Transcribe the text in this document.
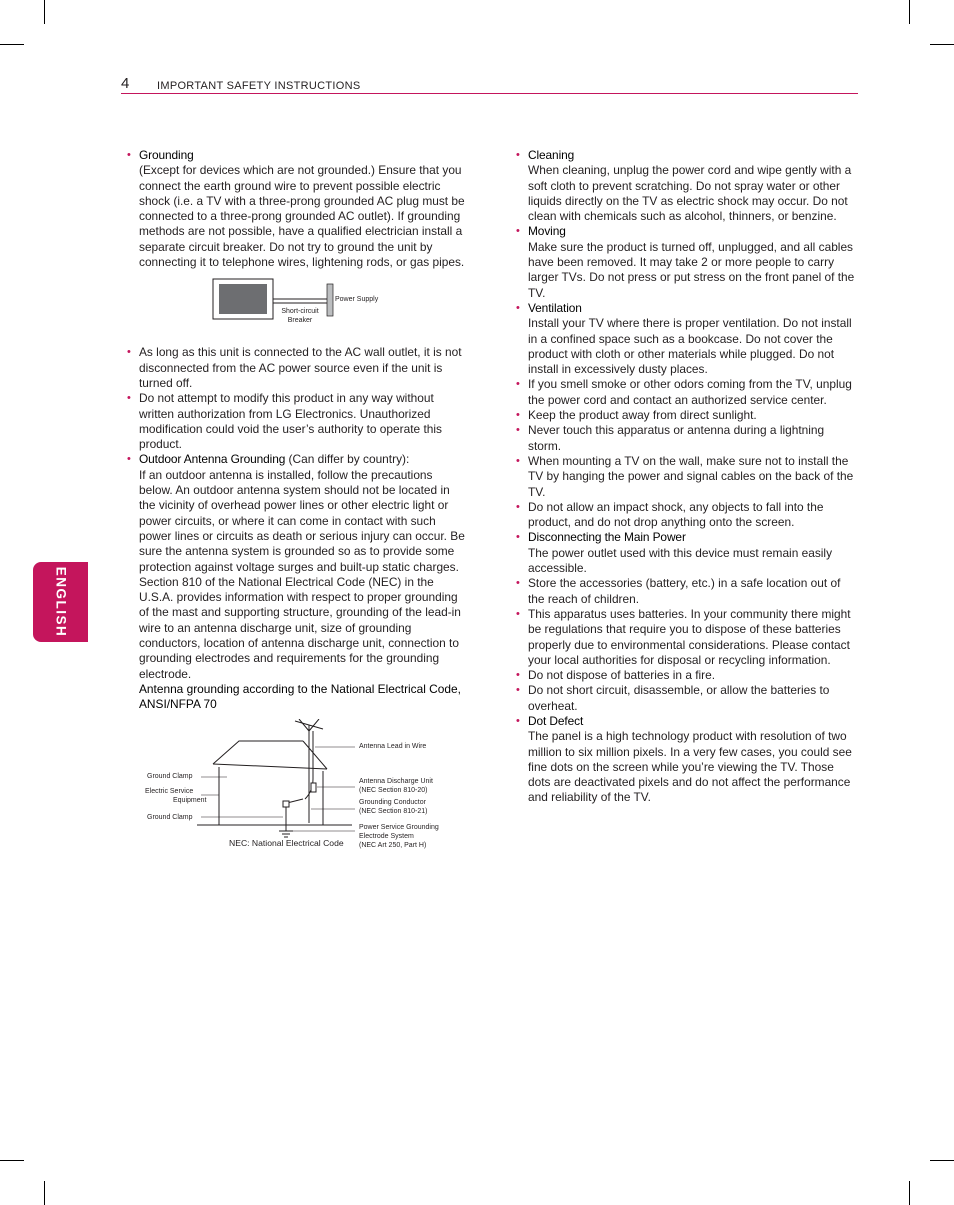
4	IMPORTANT SAFETY INSTRUCTIONS
ENGLISH
• Grounding
(Except for devices which are not grounded.) Ensure that you connect the earth ground wire to prevent possible electric shock (i.e. a TV with a three-prong grounded AC plug must be connected to a three-prong grounded AC outlet). If grounding methods are not possible, have a qualified electrician install a separate circuit breaker. Do not try to ground the unit by connecting it to telephone wires, lightening rods, or gas pipes.
Short-circuit Breaker
Power Supply
• As long as this unit is connected to the AC wall outlet, it is not disconnected from the AC power source even if the unit is turned off.
• Do not attempt to modify this product in any way without written authorization from LG Electronics. Unauthorized modification could void the user’s authority to operate this product.
• Outdoor Antenna Grounding (Can differ by country):
If an outdoor antenna is installed, follow the precautions below. An outdoor antenna system should not be located in the vicinity of overhead power lines or other electric light or power circuits, or where it can come in contact with such power lines or circuits as death or serious injury can occur. Be sure the antenna system is grounded so as to provide some protection against voltage surges and built-up static charges. Section 810 of the National Electrical Code (NEC) in the U.S.A. provides information with respect to proper grounding of the mast and supporting structure, grounding of the lead-in wire to an antenna discharge unit, size of grounding conductors, location of antenna discharge unit, connection to grounding electrodes and requirements for the grounding electrode.
Antenna grounding according to the National Electrical Code, ANSI/NFPA 70
Ground Clamp
Electric Service
Equipment
Ground Clamp
Antenna Lead in Wire
Antenna Discharge Unit
(NEC Section 810-20)
Grounding Conductor
(NEC Section 810-21)
Power Service Grounding
Electrode System
(NEC Art 250, Part H)
NEC: National Electrical Code
• Cleaning
When cleaning, unplug the power cord and wipe gently with a soft cloth to prevent scratching. Do not spray water or other liquids directly on the TV as electric shock may occur. Do not clean with chemicals such as alcohol, thinners, or benzine.
• Moving
Make sure the product is turned off, unplugged, and all cables have been removed. It may take 2 or more people to carry larger TVs. Do not press or put stress on the front panel of the TV.
• Ventilation
Install your TV where there is proper ventilation. Do not install in a confined space such as a bookcase. Do not cover the product with cloth or other materials while plugged. Do not install in excessively dusty places.
• If you smell smoke or other odors coming from the TV, unplug the power cord and contact an authorized service center.
• Keep the product away from direct sunlight.
• Never touch this apparatus or antenna during a lightning storm.
• When mounting a TV on the wall, make sure not to install the TV by hanging the power and signal cables on the back of the TV.
• Do not allow an impact shock, any objects to fall into the product, and do not drop anything onto the screen.
• Disconnecting the Main Power
The power outlet used with this device must remain easily accessible.
• Store the accessories (battery, etc.) in a safe location out of the reach of children.
• This apparatus uses batteries. In your community there might be regulations that require you to dispose of these batteries properly due to environmental considerations. Please contact your local authorities for disposal or recycling information.
• Do not dispose of batteries in a fire.
• Do not short circuit, disassemble, or allow the batteries to overheat.
• Dot Defect
The panel is a high technology product with resolution of two million to six million pixels. In a very few cases, you could see fine dots on the screen while you’re viewing the TV. Those dots are deactivated pixels and do not affect the performance and reliability of the TV.
